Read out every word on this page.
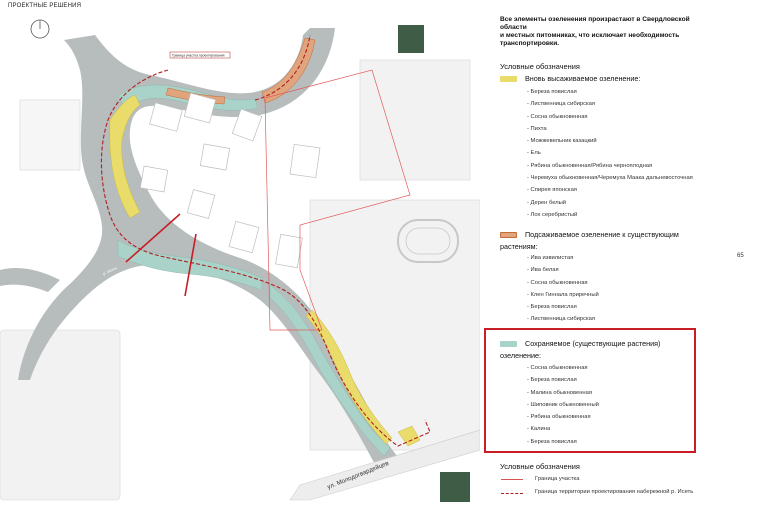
ПРОЕКТНЫЕ РЕШЕНИЯ
ул. Молодогвардейцев
р. Исеть
Граница участка проектирования
Все элементы озеленения произрастают в Свердловской области
и местных питомниках, что исключает необходимость
транспортировки.
Условные обозначения
Вновь высаживаемое озеленение:
- Береза повислая
- Лиственница сибирская
- Сосна обыкновенная
- Пихта
- Можжевельник казацкий
- Ель
- Рябина обыкновенная/Рябина черноплодная
- Черемуха обыкновенная/Черемуха Маака дальневосточная
- Спирея японская
- Дерен белый
- Лох серебристый
Подсаживаемое озеленение к существующим
растениям:
- Ива извилистая
- Ива белая
- Сосна обыкновенная
- Клен Гиннала приречный
- Береза повислая
- Лиственница сибирская
65
Сохраняемое (существующие растения)
озеленение:
- Сосна обыкновенная
- Береза повислая
- Малина обыкновенная
- Шиповник обыкновенный
- Рябина обыкновенная
- Калина
- Береза повислая
Условные обозначения
Граница участка
Граница территории проектирования набережной р. Исеть
